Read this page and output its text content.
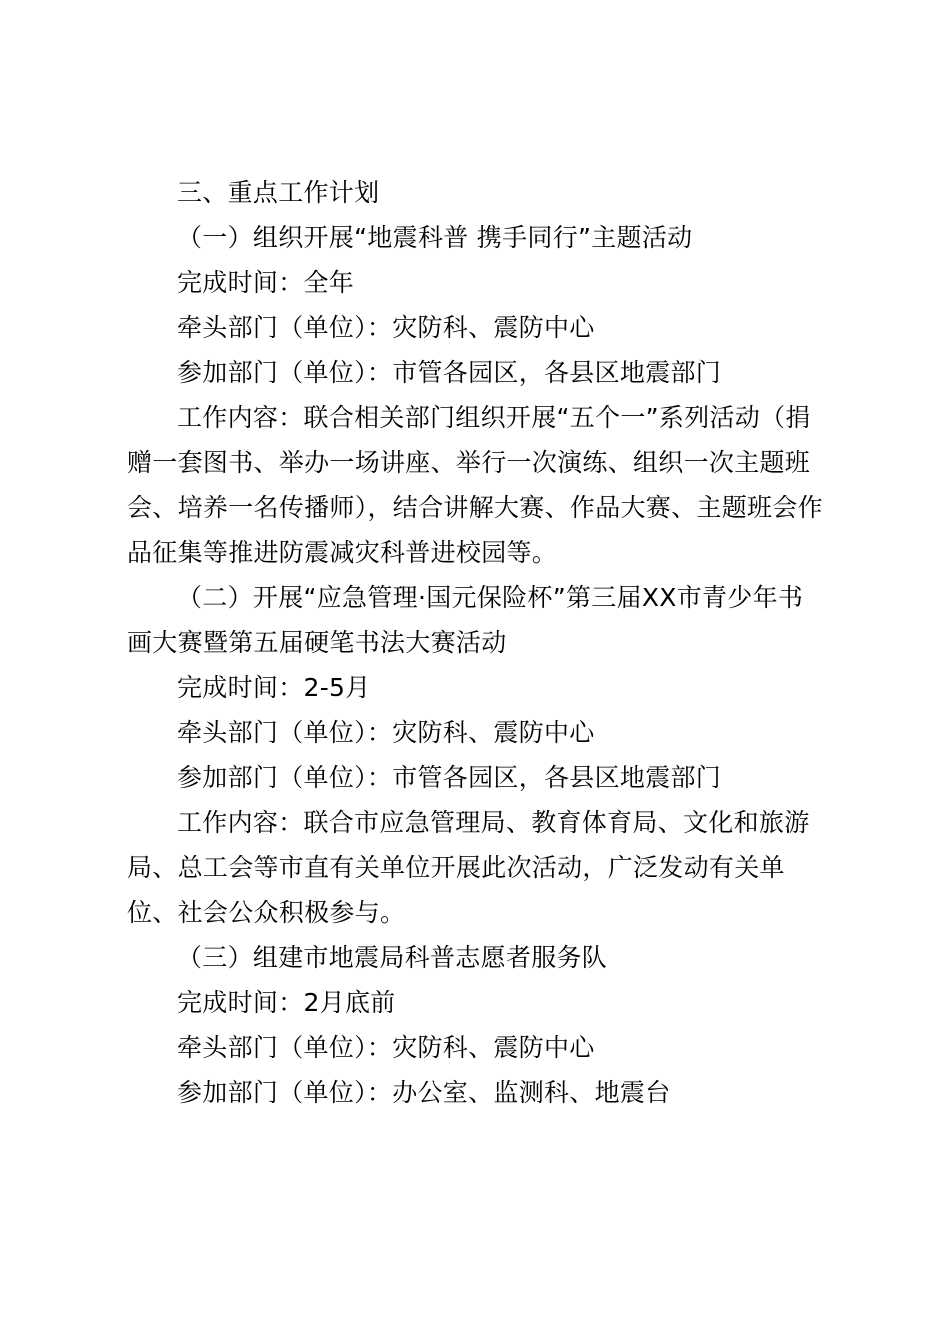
三、重点工作计划

（一）组织开展“地震科普 携手同行”主题活动

完成时间：全年

牵头部门（单位）：灾防科、震防中心

参加部门（单位）：市管各园区，各县区地震部门

工作内容：联合相关部门组织开展“五个一”系列活动（捐赠一套图书、举办一场讲座、举行一次演练、组织一次主题班会、培养一名传播师），结合讲解大赛、作品大赛、主题班会作品征集等推进防震减灾科普进校园等。

（二）开展“应急管理·国元保险杯”第三届XX市青少年书画大赛暨第五届硬笔书法大赛活动

完成时间：2-5月

牵头部门（单位）：灾防科、震防中心

参加部门（单位）：市管各园区，各县区地震部门

工作内容：联合市应急管理局、教育体育局、文化和旅游局、总工会等市直有关单位开展此次活动，广泛发动有关单位、社会公众积极参与。

（三）组建市地震局科普志愿者服务队

完成时间：2月底前

牵头部门（单位）：灾防科、震防中心

参加部门（单位）：办公室、监测科、地震台
